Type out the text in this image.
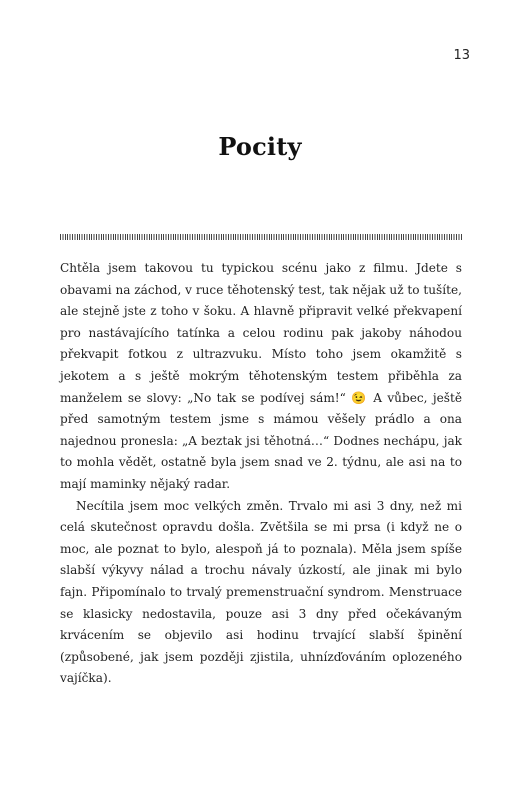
13
Pocity

Chtěla jsem takovou tu typickou scénu jako z filmu. Jdete s obavami na záchod, v ruce těhotenský test, tak nějak už to tušíte, ale stejně jste z toho v šoku. A hlavně připravit velké překvapení pro nastávajícího tatínka a celou rodinu pak jakoby náhodou překvapit fotkou z ultrazvuku. Místo toho jsem okamžitě s jekotem a s ještě mokrým těhotenským testem přiběhla za manželem se slovy: „No tak se podívej sám!“ 😉 A vůbec, ještě před samotným testem jsme s mámou věšely prádlo a ona najednou pronesla: „A beztak jsi těhotná…“ Dodnes nechápu, jak to mohla vědět, ostatně byla jsem snad ve 2. týdnu, ale asi na to mají maminky nějaký radar.

Necítila jsem moc velkých změn. Trvalo mi asi 3 dny, než mi celá skutečnost opravdu došla. Zvětšila se mi prsa (i když ne o moc, ale poznat to bylo, alespoň já to poznala). Měla jsem spíše slabší výkyvy nálad a trochu návaly úzkostí, ale jinak mi bylo fajn. Připomínalo to trvalý premenstruační syndrom. Menstruace se klasicky nedostavila, pouze asi 3 dny před očekávaným krvácením se objevilo asi hodinu trvající slabší špinění (způsobené, jak jsem později zjistila, uhnízďováním oplozeného vajíčka).
